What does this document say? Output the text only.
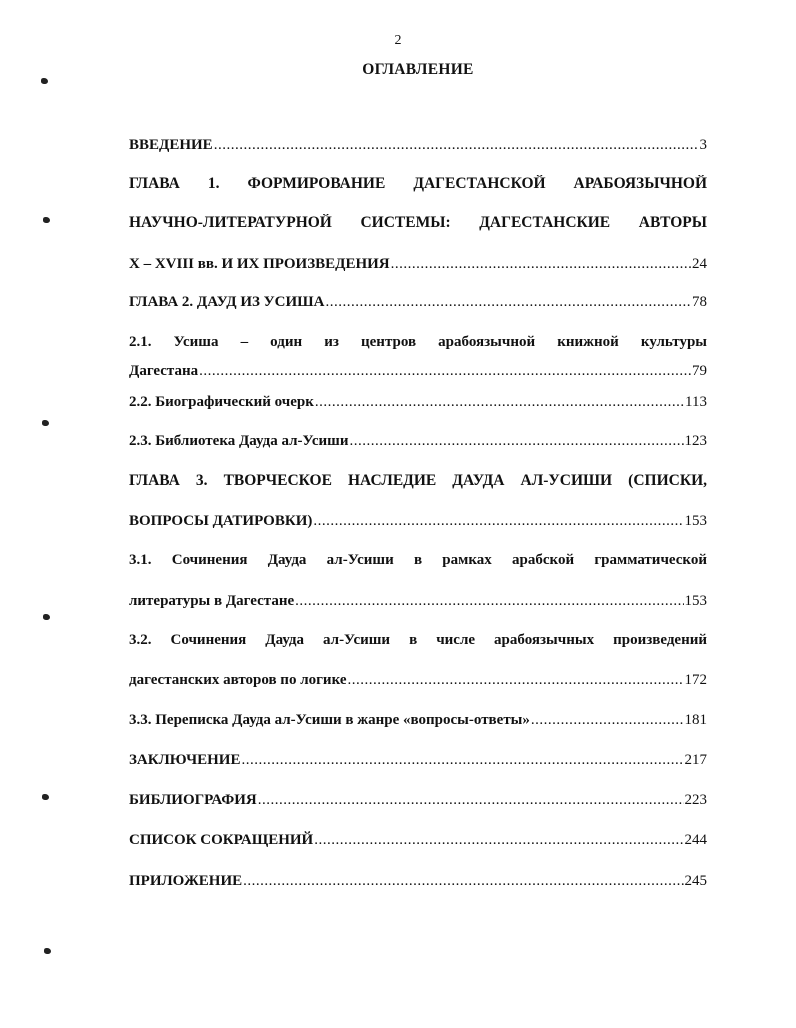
2
ОГЛАВЛЕНИЕ
ВВЕДЕНИЕ .....	3
ГЛАВА 1. ФОРМИРОВАНИЕ ДАГЕСТАНСКОЙ АРАБОЯЗЫЧНОЙ
НАУЧНО-ЛИТЕРАТУРНОЙ СИСТЕМЫ: ДАГЕСТАНСКИЕ АВТОРЫ
Х – XVIII вв. И ИХ ПРОИЗВЕДЕНИЯ .....	24
ГЛАВА 2. ДАУД ИЗ УСИША .....	78
2.1. Усиша – один из центров арабоязычной книжной культуры
Дагестана .....	79
2.2. Биографический очерк .....	113
2.3. Библиотека Дауда ал-Усиши .....	123
ГЛАВА 3. ТВОРЧЕСКОЕ НАСЛЕДИЕ ДАУДА АЛ-УСИШИ (СПИСКИ,
ВОПРОСЫ ДАТИРОВКИ) .....	153
3.1. Сочинения Дауда ал-Усиши в рамках арабской грамматической
литературы в Дагестане .....	153
3.2. Сочинения Дауда ал-Усиши в числе арабоязычных произведений
дагестанских авторов по логике .....	172
3.3. Переписка Дауда ал-Усиши в жанре «вопросы-ответы» .....	181
ЗАКЛЮЧЕНИЕ .....	217
БИБЛИОГРАФИЯ .....	223
СПИСОК СОКРАЩЕНИЙ .....	244
ПРИЛОЖЕНИЕ .....	245
